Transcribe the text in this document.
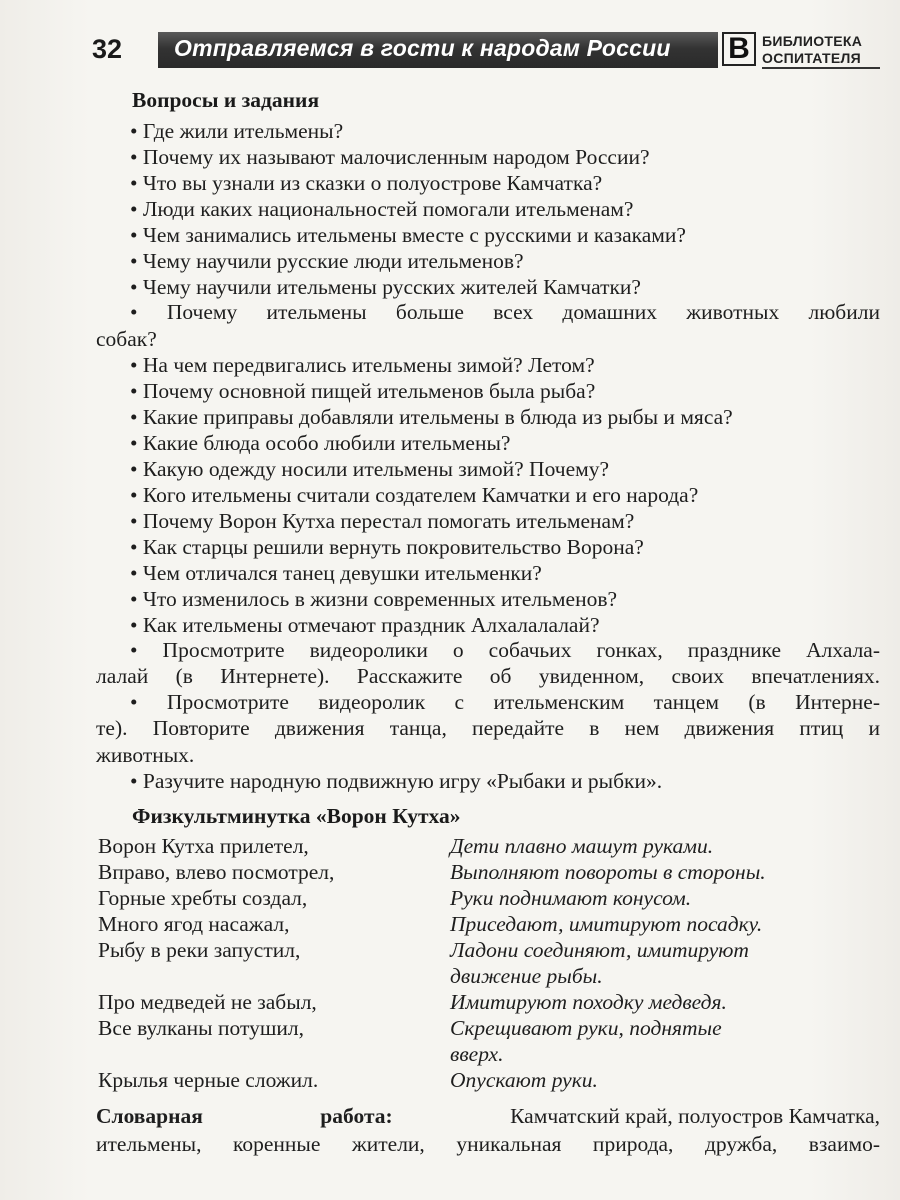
32 Отправляемся в гости к народам России В БИБЛИОТЕКА
ОСПИТАТЕЛЯ
Вопросы и задания
• Где жили ительмены?
• Почему их называют малочисленным народом России?
• Что вы узнали из сказки о полуострове Камчатка?
• Люди каких национальностей помогали ительменам?
• Чем занимались ительмены вместе с русскими и казаками?
• Чему научили русские люди ительменов?
• Чему научили ительмены русских жителей Камчатки?
• Почему ительмены больше всех домашних животных любили
собак?
• На чем передвигались ительмены зимой? Летом?
• Почему основной пищей ительменов была рыба?
• Какие приправы добавляли ительмены в блюда из рыбы и мяса?
• Какие блюда особо любили ительмены?
• Какую одежду носили ительмены зимой? Почему?
• Кого ительмены считали создателем Камчатки и его народа?
• Почему Ворон Кутха перестал помогать ительменам?
• Как старцы решили вернуть покровительство Ворона?
• Чем отличался танец девушки ительменки?
• Что изменилось в жизни современных ительменов?
• Как ительмены отмечают праздник Алхалалалай?
• Просмотрите видеоролики о собачьих гонках, празднике Алхала-
лалай (в Интернете). Расскажите об увиденном, своих впечатлениях.
• Просмотрите видеоролик с ительменским танцем (в Интерне-
те). Повторите движения танца, передайте в нем движения птиц и
животных.
• Разучите народную подвижную игру «Рыбаки и рыбки».
Физкультминутка «Ворон Кутха»
Ворон Кутха прилетел,	Дети плавно машут руками.
Вправо, влево посмотрел,	Выполняют повороты в стороны.
Горные хребты создал,	Руки поднимают конусом.
Много ягод насажал,	Приседают, имитируют посадку.
Рыбу в реки запустил,	Ладони соединяют, имитируют
движение рыбы.
Про медведей не забыл,	Имитируют походку медведя.
Все вулканы потушил,	Скрещивают руки, поднятые
вверх.
Крылья черные сложил.	Опускают руки.
Словарная работа:	Камчатский край, полуостров Камчатка,
ительмены, коренные жители, уникальная природа, дружба, взаимо-
